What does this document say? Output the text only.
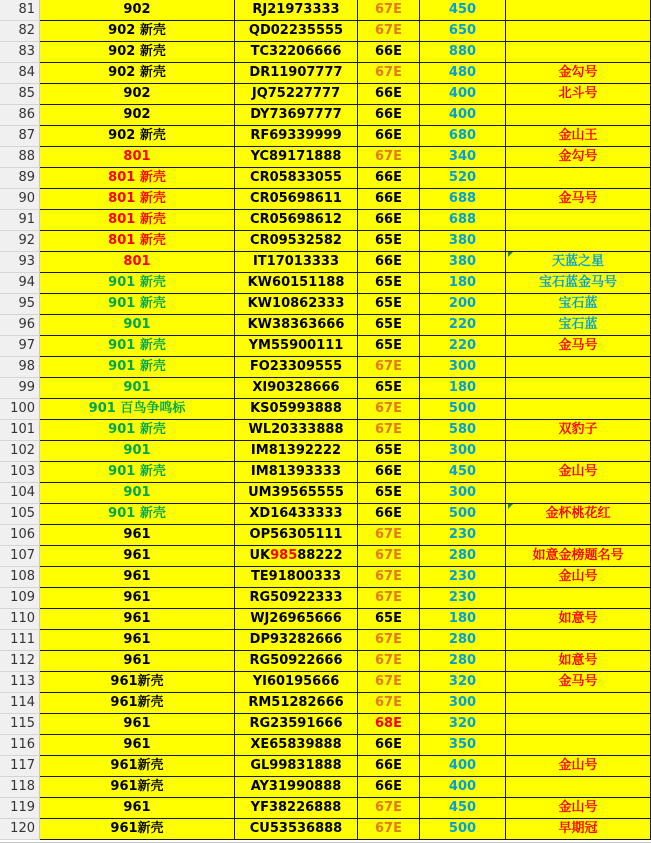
81	902	RJ21973333	67E	450
82	902 新壳	QD02235555	67E	650
83	902 新壳	TC32206666	66E	880
84	902 新壳	DR11907777	67E	480	金勾号
85	902	JQ75227777	66E	400	北斗号
86	902	DY73697777	66E	400
87	902 新壳	RF69339999	66E	680	金山王
88	801	YC89171888	67E	340	金勾号
89	801 新壳	CR05833055	66E	520
90	801 新壳	CR05698611	66E	688	金马号
91	801 新壳	CR05698612	66E	688
92	801 新壳	CR09532582	65E	380
93	801	IT17013333	66E	380	天蓝之星
94	901 新壳	KW60151188	65E	180	宝石蓝金马号
95	901 新壳	KW10862333	65E	200	宝石蓝
96	901	KW38363666	65E	220	宝石蓝
97	901 新壳	YM55900111	65E	220	金马号
98	901 新壳	FO23309555	67E	300
99	901	XI90328666	65E	180
100	901 百鸟争鸣标	KS05993888	67E	500
101	901 新壳	WL20333888	67E	580	双豹子
102	901	IM81392222	65E	300
103	901 新壳	IM81393333	66E	450	金山号
104	901	UM39565555	65E	300
105	901 新壳	XD16433333	66E	500	金杯桃花红
106	961	OP56305111	67E	230
107	961	UK98588222	67E	280	如意金榜题名号
108	961	TE91800333	67E	230	金山号
109	961	RG50922333	67E	230
110	961	WJ26965666	65E	180	如意号
111	961	DP93282666	67E	280
112	961	RG50922666	67E	280	如意号
113	961新壳	YI60195666	67E	320	金马号
114	961新壳	RM51282666	67E	300
115	961	RG23591666	68E	320
116	961	XE65839888	66E	350
117	961新壳	GL99831888	66E	400	金山号
118	961新壳	AY31990888	66E	400
119	961	YF38226888	67E	450	金山号
120	961新壳	CU53536888	67E	500	早期冠
